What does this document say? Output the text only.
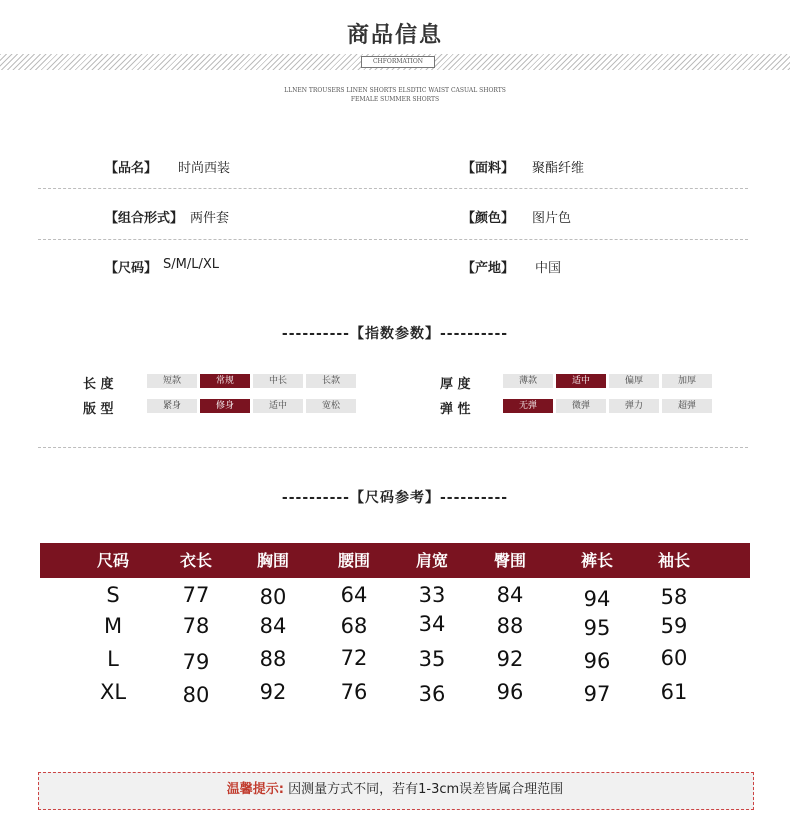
商品信息
CHFORMATION
LLNEN TROUSERS LINEN SHORTS ELSDTIC WAIST CASUAL SHORTS
FEMALE SUMMER SHORTS
【品名】 时尚西装	【面料】 聚酯纤维
【组合形式】 两件套	【颜色】 图片色
【尺码】 S/M/L/XL	【产地】 中国
----------【指数参数】----------
长 度	短款	常规	中长	长款
版 型	紧身	修身	适中	宽松
厚 度	薄款	适中	偏厚	加厚
弹 性	无弹	微弹	弹力	超弹
----------【尺码参考】----------
尺码	衣长	胸围	腰围	肩宽	臀围	裤长	袖长
S	77	80	64	33	84	94	58
M	78	84	68	34	88	95	59
L	79	88	72	35	92	96	60
XL	80	92	76	36	96	97	61
温馨提示: 因测量方式不同，若有1-3cm误差皆属合理范围
